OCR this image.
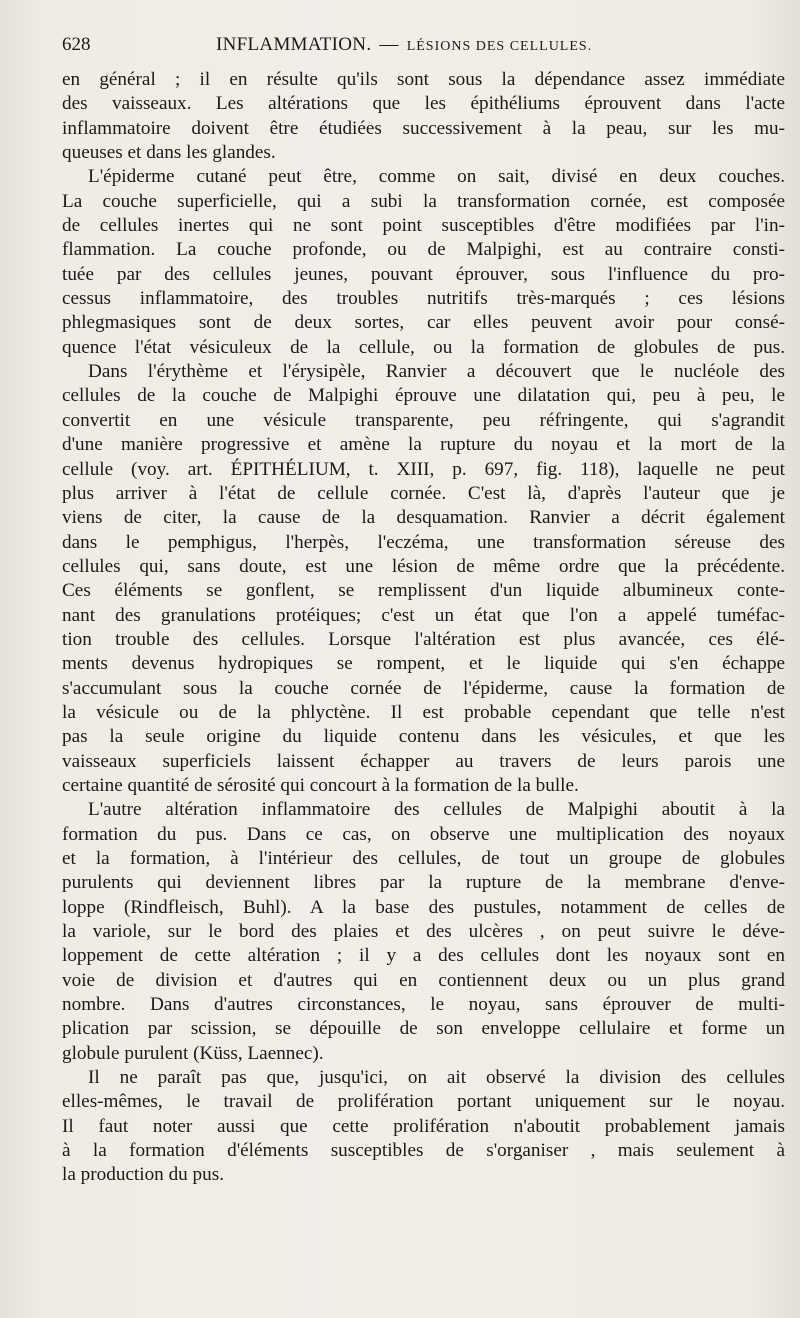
628	INFLAMMATION. — LÉSIONS DES CELLULES.
en général ; il en résulte qu'ils sont sous la dépendance assez immédiate
des vaisseaux. Les altérations que les épithéliums éprouvent dans l'acte
inflammatoire doivent être étudiées successivement à la peau, sur les mu-
queuses et dans les glandes.
L'épiderme cutané peut être, comme on sait, divisé en deux couches.
La couche superficielle, qui a subi la transformation cornée, est composée
de cellules inertes qui ne sont point susceptibles d'être modifiées par l'in-
flammation. La couche profonde, ou de Malpighi, est au contraire consti-
tuée par des cellules jeunes, pouvant éprouver, sous l'influence du pro-
cessus inflammatoire, des troubles nutritifs très-marqués ; ces lésions
phlegmasiques sont de deux sortes, car elles peuvent avoir pour consé-
quence l'état vésiculeux de la cellule, ou la formation de globules de pus.
Dans l'érythème et l'érysipèle, Ranvier a découvert que le nucléole des
cellules de la couche de Malpighi éprouve une dilatation qui, peu à peu, le
convertit en une vésicule transparente, peu réfringente, qui s'agrandit
d'une manière progressive et amène la rupture du noyau et la mort de la
cellule (voy. art. ÉPITHÉLIUM, t. XIII, p. 697, fig. 118), laquelle ne peut
plus arriver à l'état de cellule cornée. C'est là, d'après l'auteur que je
viens de citer, la cause de la desquamation. Ranvier a décrit également
dans le pemphigus, l'herpès, l'eczéma, une transformation séreuse des
cellules qui, sans doute, est une lésion de même ordre que la précédente.
Ces éléments se gonflent, se remplissent d'un liquide albumineux conte-
nant des granulations protéiques; c'est un état que l'on a appelé tuméfac-
tion trouble des cellules. Lorsque l'altération est plus avancée, ces élé-
ments devenus hydropiques se rompent, et le liquide qui s'en échappe
s'accumulant sous la couche cornée de l'épiderme, cause la formation de
la vésicule ou de la phlyctène. Il est probable cependant que telle n'est
pas la seule origine du liquide contenu dans les vésicules, et que les
vaisseaux superficiels laissent échapper au travers de leurs parois une
certaine quantité de sérosité qui concourt à la formation de la bulle.
L'autre altération inflammatoire des cellules de Malpighi aboutit à la
formation du pus. Dans ce cas, on observe une multiplication des noyaux
et la formation, à l'intérieur des cellules, de tout un groupe de globules
purulents qui deviennent libres par la rupture de la membrane d'enve-
loppe (Rindfleisch, Buhl). A la base des pustules, notamment de celles de
la variole, sur le bord des plaies et des ulcères , on peut suivre le déve-
loppement de cette altération ; il y a des cellules dont les noyaux sont en
voie de division et d'autres qui en contiennent deux ou un plus grand
nombre. Dans d'autres circonstances, le noyau, sans éprouver de multi-
plication par scission, se dépouille de son enveloppe cellulaire et forme un
globule purulent (Küss, Laennec).
Il ne paraît pas que, jusqu'ici, on ait observé la division des cellules
elles-mêmes, le travail de prolifération portant uniquement sur le noyau.
Il faut noter aussi que cette prolifération n'aboutit probablement jamais
à la formation d'éléments susceptibles de s'organiser , mais seulement à
la production du pus.
